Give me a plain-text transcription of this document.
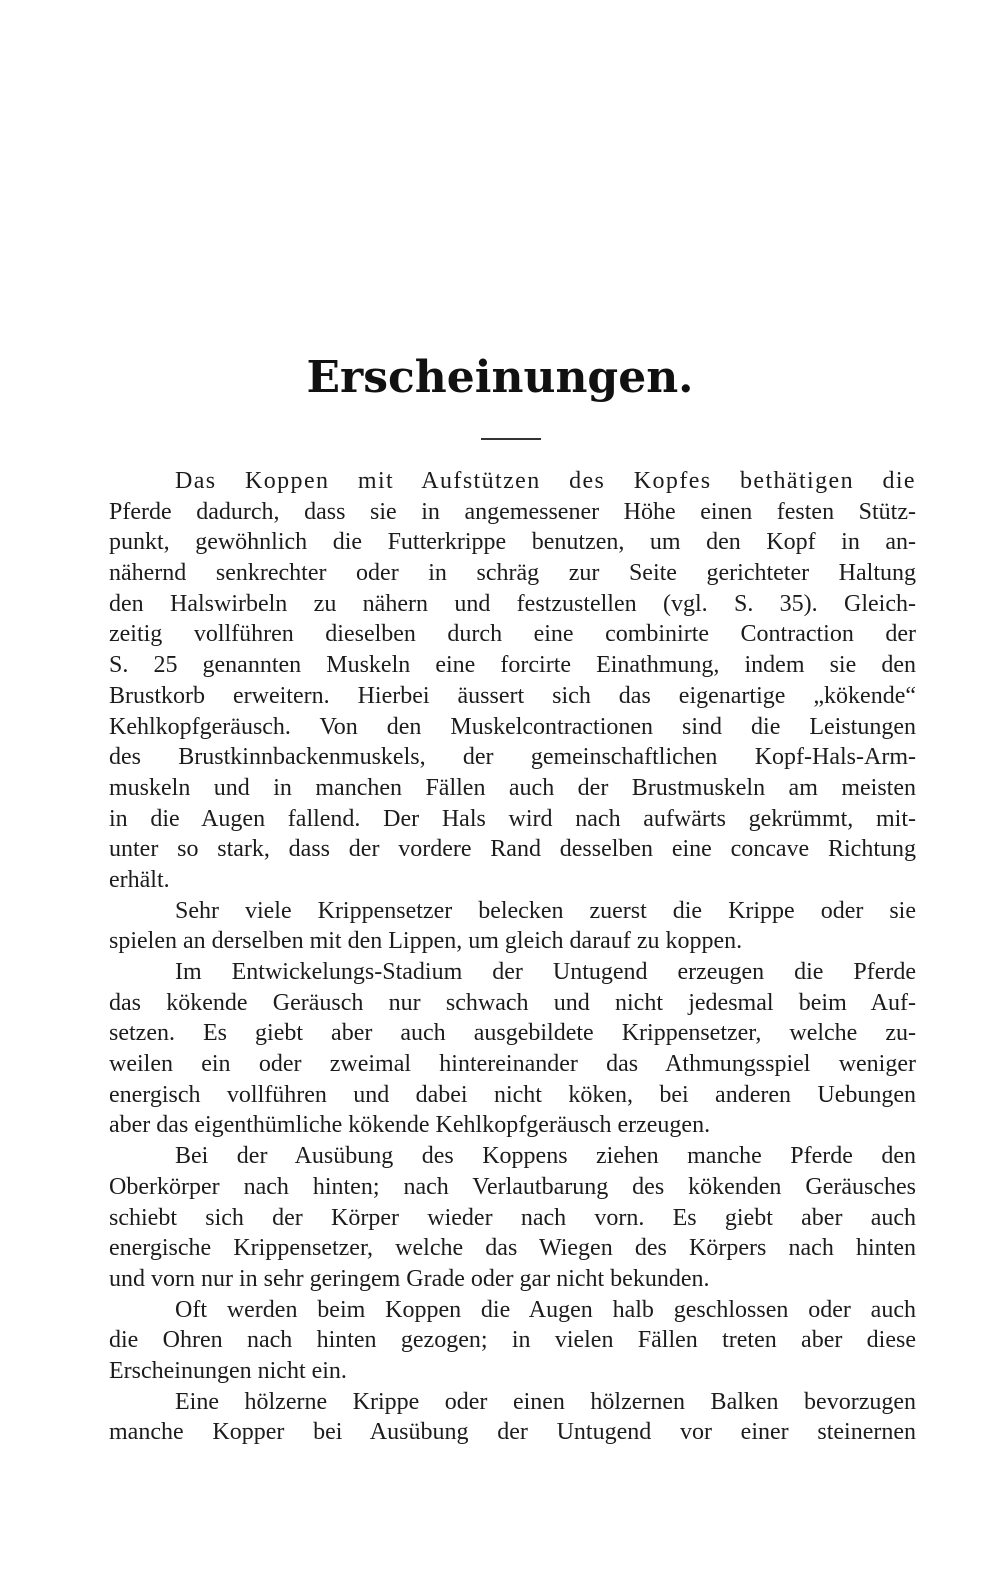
Erscheinungen.
Das Koppen mit Aufstützen des Kopfes bethätigen die
Pferde dadurch, dass sie in angemessener Höhe einen festen Stütz-
punkt, gewöhnlich die Futterkrippe benutzen, um den Kopf in an-
nähernd senkrechter oder in schräg zur Seite gerichteter Haltung
den Halswirbeln zu nähern und festzustellen (vgl. S. 35). Gleich-
zeitig vollführen dieselben durch eine combinirte Contraction der
S. 25 genannten Muskeln eine forcirte Einathmung, indem sie den
Brustkorb erweitern. Hierbei äussert sich das eigenartige „kökende“
Kehlkopfgeräusch. Von den Muskelcontractionen sind die Leistungen
des Brustkinnbackenmuskels, der gemeinschaftlichen Kopf-Hals-Arm-
muskeln und in manchen Fällen auch der Brustmuskeln am meisten
in die Augen fallend. Der Hals wird nach aufwärts gekrümmt, mit-
unter so stark, dass der vordere Rand desselben eine concave Richtung
erhält.
Sehr viele Krippensetzer belecken zuerst die Krippe oder sie
spielen an derselben mit den Lippen, um gleich darauf zu koppen.
Im Entwickelungs-Stadium der Untugend erzeugen die Pferde
das kökende Geräusch nur schwach und nicht jedesmal beim Auf-
setzen. Es giebt aber auch ausgebildete Krippensetzer, welche zu-
weilen ein oder zweimal hintereinander das Athmungsspiel weniger
energisch vollführen und dabei nicht köken, bei anderen Uebungen
aber das eigenthümliche kökende Kehlkopfgeräusch erzeugen.
Bei der Ausübung des Koppens ziehen manche Pferde den
Oberkörper nach hinten; nach Verlautbarung des kökenden Geräusches
schiebt sich der Körper wieder nach vorn. Es giebt aber auch
energische Krippensetzer, welche das Wiegen des Körpers nach hinten
und vorn nur in sehr geringem Grade oder gar nicht bekunden.
Oft werden beim Koppen die Augen halb geschlossen oder auch
die Ohren nach hinten gezogen; in vielen Fällen treten aber diese
Erscheinungen nicht ein.
Eine hölzerne Krippe oder einen hölzernen Balken bevorzugen
manche Kopper bei Ausübung der Untugend vor einer steinernen
